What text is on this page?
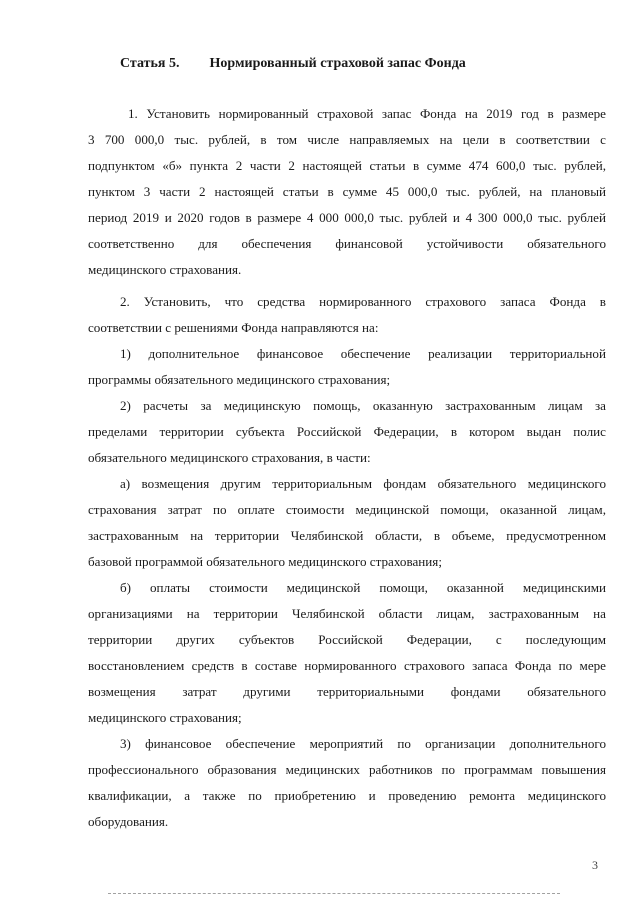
Статья 5. Нормированный страховой запас Фонда
1. Установить нормированный страховой запас Фонда на 2019 год в размере
3 700 000,0 тыс. рублей, в том числе направляемых на цели в соответствии с
подпунктом «б» пункта 2 части 2 настоящей статьи в сумме 474 600,0 тыс. рублей,
пунктом 3 части 2 настоящей статьи в сумме 45 000,0 тыс. рублей, на плановый
период 2019 и 2020 годов в размере 4 000 000,0 тыс. рублей и 4 300 000,0 тыс. рублей
соответственно для обеспечения финансовой устойчивости обязательного
медицинского страхования.
2. Установить, что средства нормированного страхового запаса Фонда в
соответствии с решениями Фонда направляются на:
1) дополнительное финансовое обеспечение реализации территориальной
программы обязательного медицинского страхования;
2) расчеты за медицинскую помощь, оказанную застрахованным лицам за
пределами территории субъекта Российской Федерации, в котором выдан полис
обязательного медицинского страхования, в части:
а) возмещения другим территориальным фондам обязательного медицинского
страхования затрат по оплате стоимости медицинской помощи, оказанной лицам,
застрахованным на территории Челябинской области, в объеме, предусмотренном
базовой программой обязательного медицинского страхования;
б) оплаты стоимости медицинской помощи, оказанной медицинскими
организациями на территории Челябинской области лицам, застрахованным на
территории других субъектов Российской Федерации, с последующим
восстановлением средств в составе нормированного страхового запаса Фонда по мере
возмещения затрат другими территориальными фондами обязательного
медицинского страхования;
3) финансовое обеспечение мероприятий по организации дополнительного
профессионального образования медицинских работников по программам повышения
квалификации, а также по приобретению и проведению ремонта медицинского
оборудования.
3
